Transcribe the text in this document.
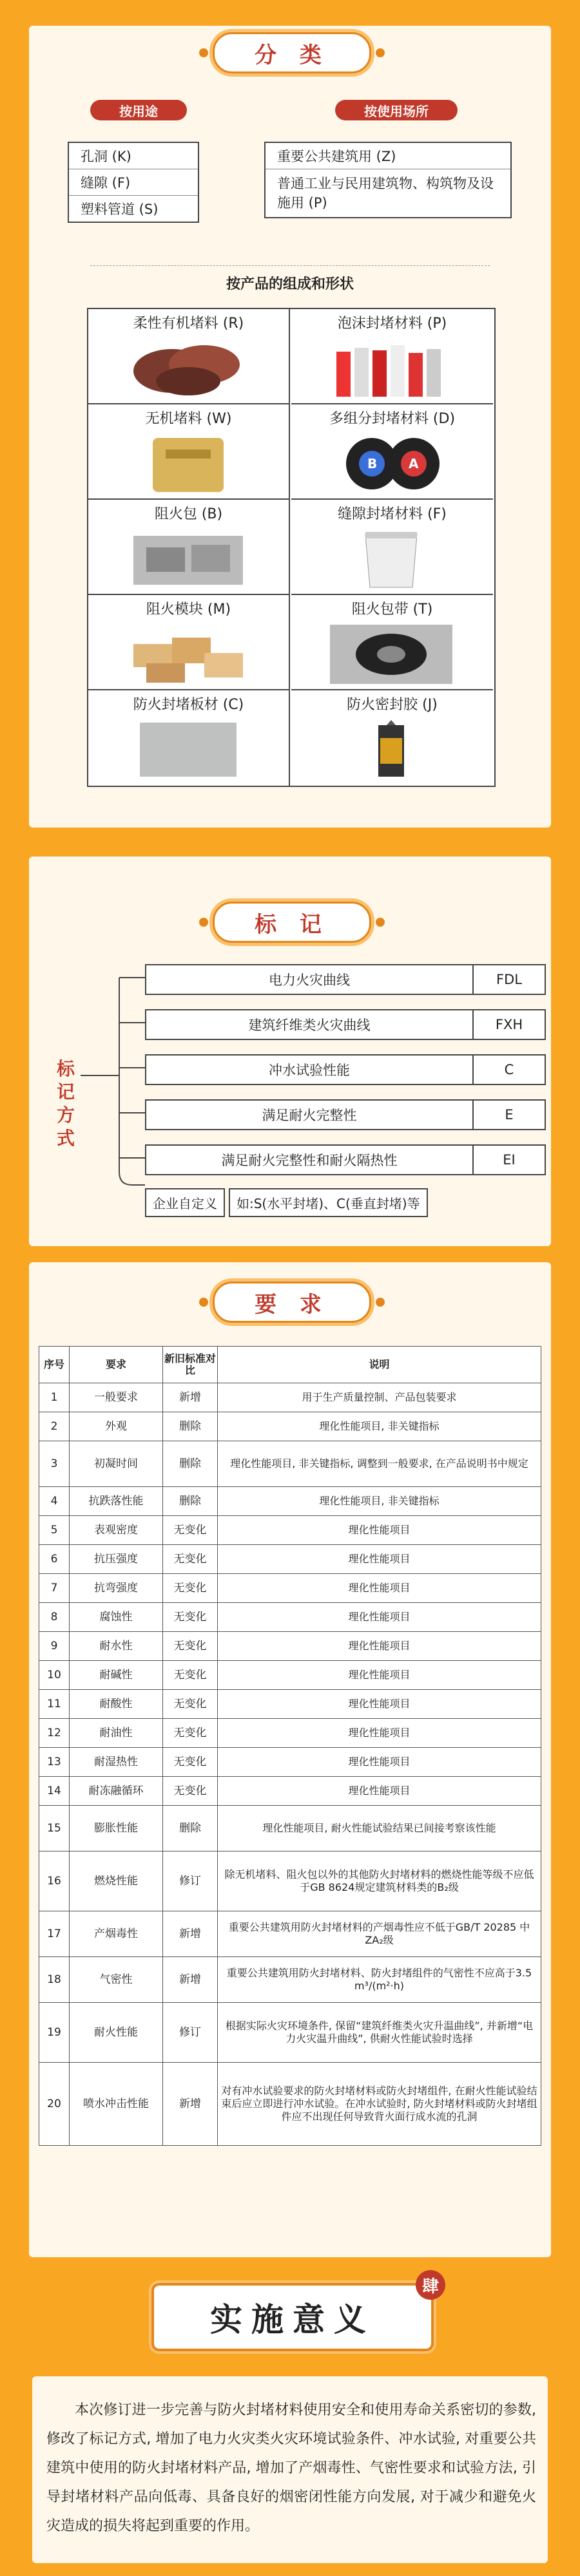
分 类
按用途	按使用场所
孔洞 (K)
缝隙 (F)
塑料管道 (S)
重要公共建筑用 (Z)
普通工业与民用建筑物、构筑物及设施用 (P)
按产品的组成和形状
柔性有机堵料 (R)	泡沫封堵材料 (P)
无机堵料 (W)	多组分封堵材料 (D)
B A
阻火包 (B)	缝隙封堵材料 (F)
阻火模块 (M)	阻火包带 (T)
防火封堵板材 (C)	防火密封胶 (J)
标 记
标记方式
电力火灾曲线	FDL
建筑纤维类火灾曲线	FXH
冲水试验性能	C
满足耐火完整性	E
满足耐火完整性和耐火隔热性	EI
企业自定义	如:S(水平封堵)、C(垂直封堵)等
要 求
序号	要求	新旧标准对比	说明
1	一般要求	新增	用于生产质量控制、产品包装要求
2	外观	删除	理化性能项目, 非关键指标
3	初凝时间	删除	理化性能项目, 非关键指标, 调整到一般要求, 在产品说明书中规定
4	抗跌落性能	删除	理化性能项目, 非关键指标
5	表观密度	无变化	理化性能项目
6	抗压强度	无变化	理化性能项目
7	抗弯强度	无变化	理化性能项目
8	腐蚀性	无变化	理化性能项目
9	耐水性	无变化	理化性能项目
10	耐碱性	无变化	理化性能项目
11	耐酸性	无变化	理化性能项目
12	耐油性	无变化	理化性能项目
13	耐湿热性	无变化	理化性能项目
14	耐冻融循环	无变化	理化性能项目
15	膨胀性能	删除	理化性能项目, 耐火性能试验结果已间接考察该性能
16	燃烧性能	修订	除无机堵料、阻火包以外的其他防火封堵材料的燃烧性能等级不应低于GB 8624规定建筑材料类的B₂级
17	产烟毒性	新增	重要公共建筑用防火封堵材料的产烟毒性应不低于GB/T 20285 中ZA₂级
18	气密性	新增	重要公共建筑用防火封堵材料、防火封堵组件的气密性不应高于3.5 m³/(m²·h)
19	耐火性能	修订	根据实际火灾环境条件, 保留“建筑纤维类火灾升温曲线”, 并新增“电力火灾温升曲线”, 供耐火性能试验时选择
20	喷水冲击性能	新增	对有冲水试验要求的防火封堵材料或防火封堵组件, 在耐火性能试验结束后应立即进行冲水试验。在冲水试验时, 防火封堵材料或防火封堵组件应不出现任何导致背火面行成水流的孔洞
实施意义
肆
本次修订进一步完善与防火封堵材料使用安全和使用寿命关系密切的参数, 修改了标记方式, 增加了电力火灾类火灾环境试验条件、冲水试验, 对重要公共建筑中使用的防火封堵材料产品, 增加了产烟毒性、气密性要求和试验方法, 引导封堵材料产品向低毒、具备良好的烟密闭性能方向发展, 对于减少和避免火灾造成的损失将起到重要的作用。
